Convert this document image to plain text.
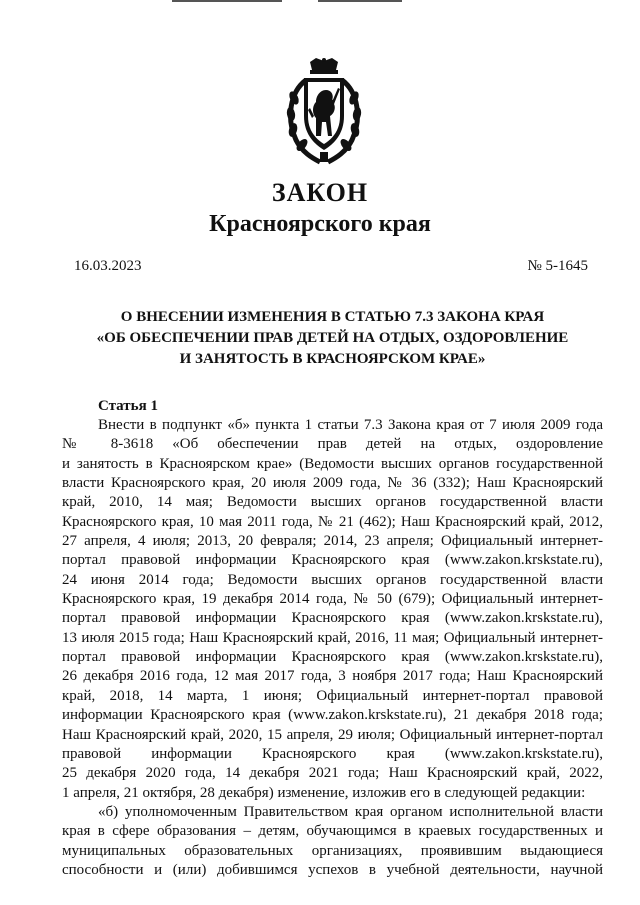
ЗАКОН
Красноярского края
16.03.2023	№ 5-1645
О ВНЕСЕНИИ ИЗМЕНЕНИЯ В СТАТЬЮ 7.3 ЗАКОНА КРАЯ
«ОБ ОБЕСПЕЧЕНИИ ПРАВ ДЕТЕЙ НА ОТДЫХ, ОЗДОРОВЛЕНИЕ
И ЗАНЯТОСТЬ В КРАСНОЯРСКОМ КРАЕ»
Статья 1
Внести в подпункт «б» пункта 1 статьи 7.3 Закона края от 7 июля 2009 года
№ 8-3618 «Об обеспечении прав детей на отдых, оздоровление
и занятость в Красноярском крае» (Ведомости высших органов государственной
власти Красноярского края, 20 июля 2009 года, № 36 (332); Наш Красноярский
край, 2010, 14 мая; Ведомости высших органов государственной власти
Красноярского края, 10 мая 2011 года, № 21 (462); Наш Красноярский край, 2012,
27 апреля, 4 июля; 2013, 20 февраля; 2014, 23 апреля; Официальный интернет-
портал правовой информации Красноярского края (www.zakon.krskstate.ru),
24 июня 2014 года; Ведомости высших органов государственной власти
Красноярского края, 19 декабря 2014 года, № 50 (679); Официальный интернет-
портал правовой информации Красноярского края (www.zakon.krskstate.ru),
13 июля 2015 года; Наш Красноярский край, 2016, 11 мая; Официальный интернет-
портал правовой информации Красноярского края (www.zakon.krskstate.ru),
26 декабря 2016 года, 12 мая 2017 года, 3 ноября 2017 года; Наш Красноярский
край, 2018, 14 марта, 1 июня; Официальный интернет-портал правовой
информации Красноярского края (www.zakon.krskstate.ru), 21 декабря 2018 года;
Наш Красноярский край, 2020, 15 апреля, 29 июля; Официальный интернет-портал
правовой информации Красноярского края (www.zakon.krskstate.ru),
25 декабря 2020 года, 14 декабря 2021 года; Наш Красноярский край, 2022,
1 апреля, 21 октября, 28 декабря) изменение, изложив его в следующей редакции:
«б) уполномоченным Правительством края органом исполнительной власти
края в сфере образования – детям, обучающимся в краевых государственных и
муниципальных образовательных организациях, проявившим выдающиеся
способности и (или) добившимся успехов в учебной деятельности, научной
